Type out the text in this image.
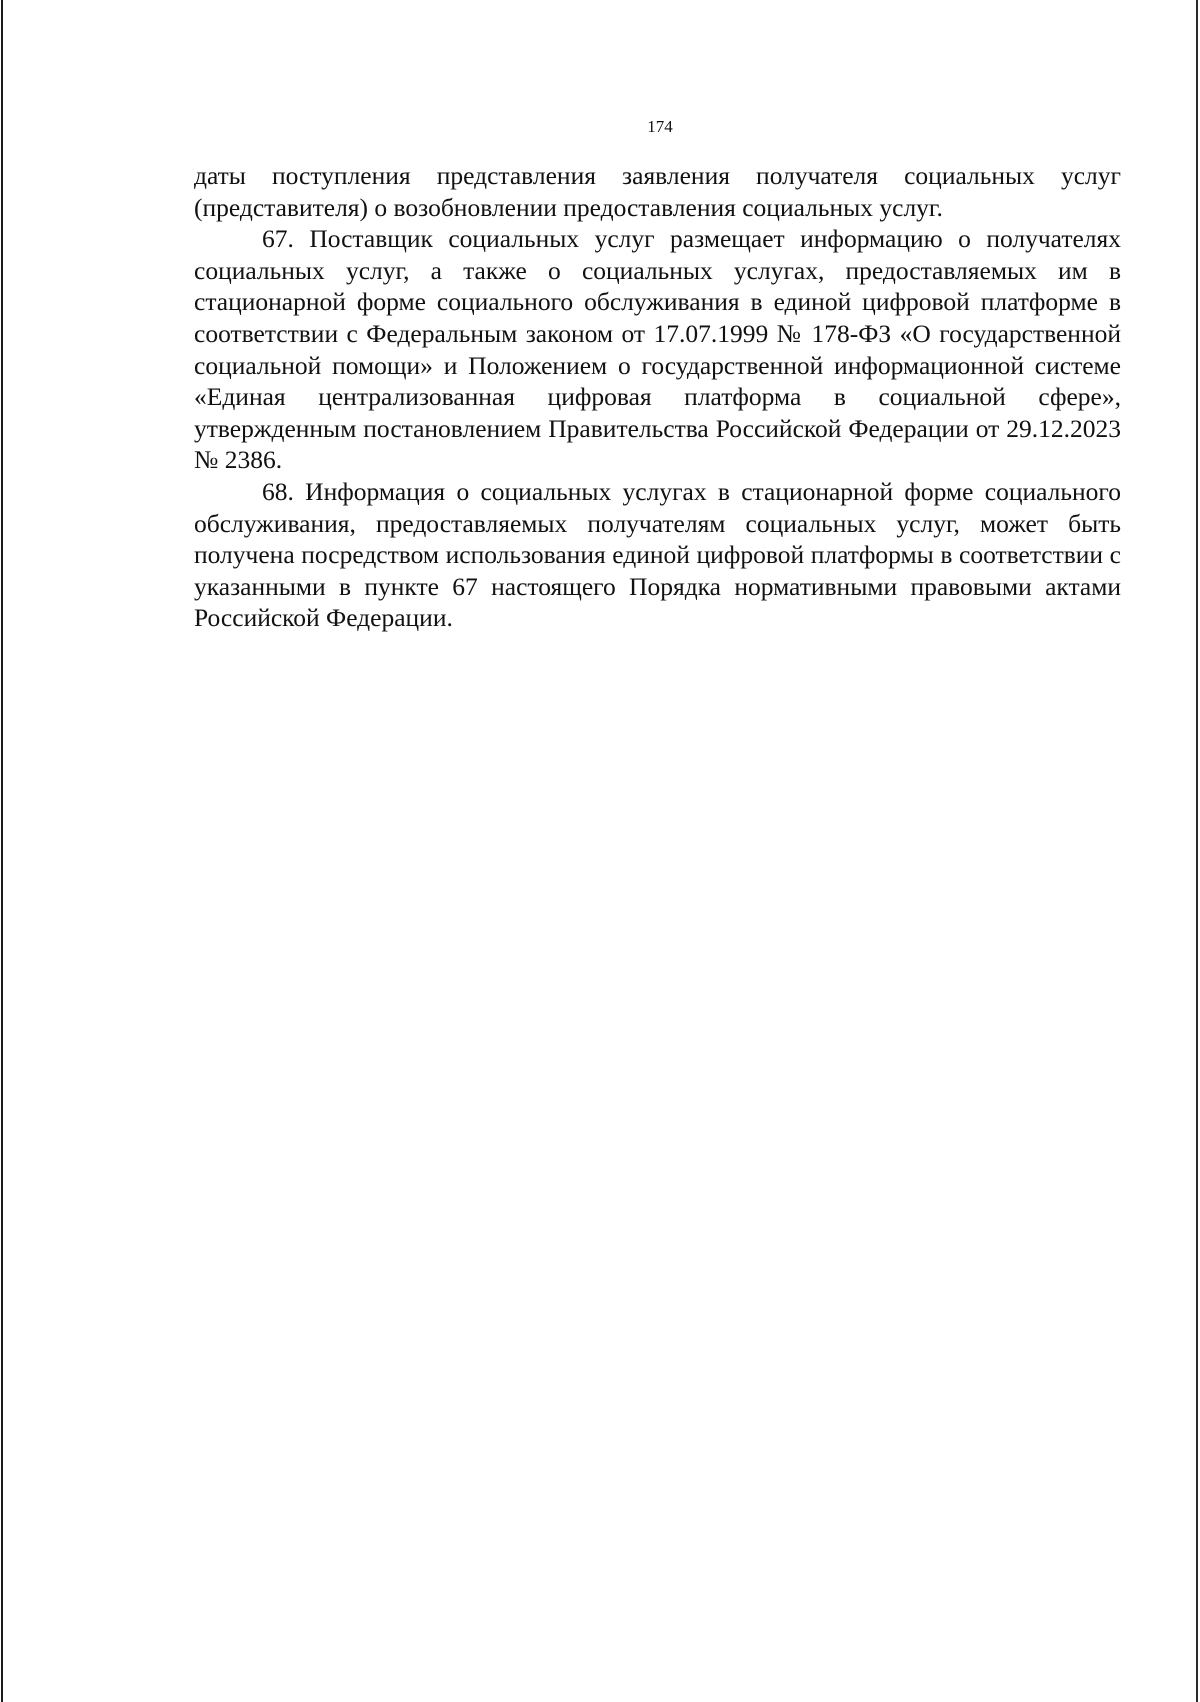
174

даты поступления представления заявления получателя социальных услуг (представителя) о возобновлении предоставления социальных услуг.

67. Поставщик социальных услуг размещает информацию о получателях социальных услуг, а также о социальных услугах, предоставляемых им в стационарной форме социального обслуживания в единой цифровой платформе в соответствии с Федеральным законом от 17.07.1999 № 178-ФЗ «О государственной социальной помощи» и Положением о государственной информационной системе «Единая централизованная цифровая платформа в социальной сфере», утвержденным постановлением Правительства Российской Федерации от 29.12.2023 № 2386.

68. Информация о социальных услугах в стационарной форме социального обслуживания, предоставляемых получателям социальных услуг, может быть получена посредством использования единой цифровой платформы в соответствии с указанными в пункте 67 настоящего Порядка нормативными правовыми актами Российской Федерации.
